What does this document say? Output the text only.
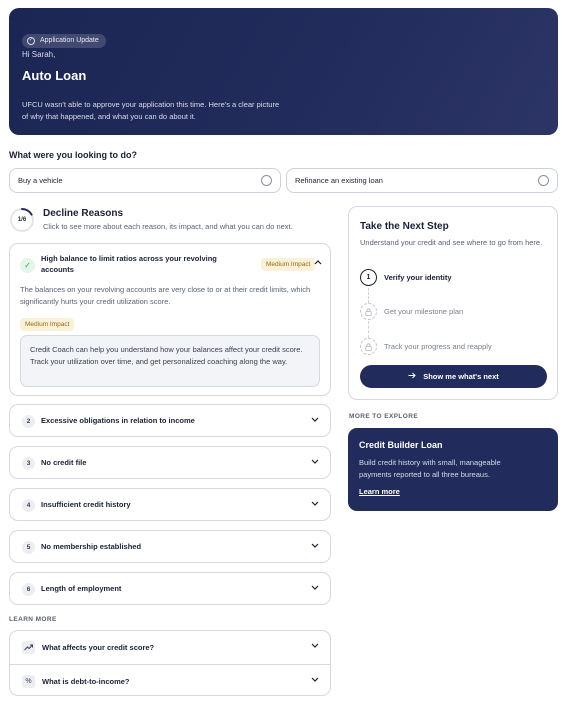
✓ Application Update
Hi Sarah,
Auto Loan
UFCU wasn't able to approve your application this time. Here's a clear picture of why that happened, and what you can do about it.
What were you looking to do?
Buy a vehicle	Refinance an existing loan
1/6
Decline Reasons
Click to see more about each reason, its impact, and what you can do next.
✓
High balance to limit ratios across your revolving accounts
Medium Impact
The balances on your revolving accounts are very close to or at their credit limits, which significantly hurts your credit utilization score.
Medium Impact
Credit Coach can help you understand how your balances affect your credit score. Track your utilization over time, and get personalized coaching along the way.
2	Excessive obligations in relation to income
3	No credit file
4	Insufficient credit history
5	No membership established
6	Length of employment
LEARN MORE
What affects your credit score?
%	What is debt-to-income?
Take the Next Step
Understand your credit and see where to go from here.
1	Verify your identity
Get your milestone plan
Track your progress and reapply
Show me what's next
MORE TO EXPLORE
Credit Builder Loan
Build credit history with small, manageable payments reported to all three bureaus.
Learn more
